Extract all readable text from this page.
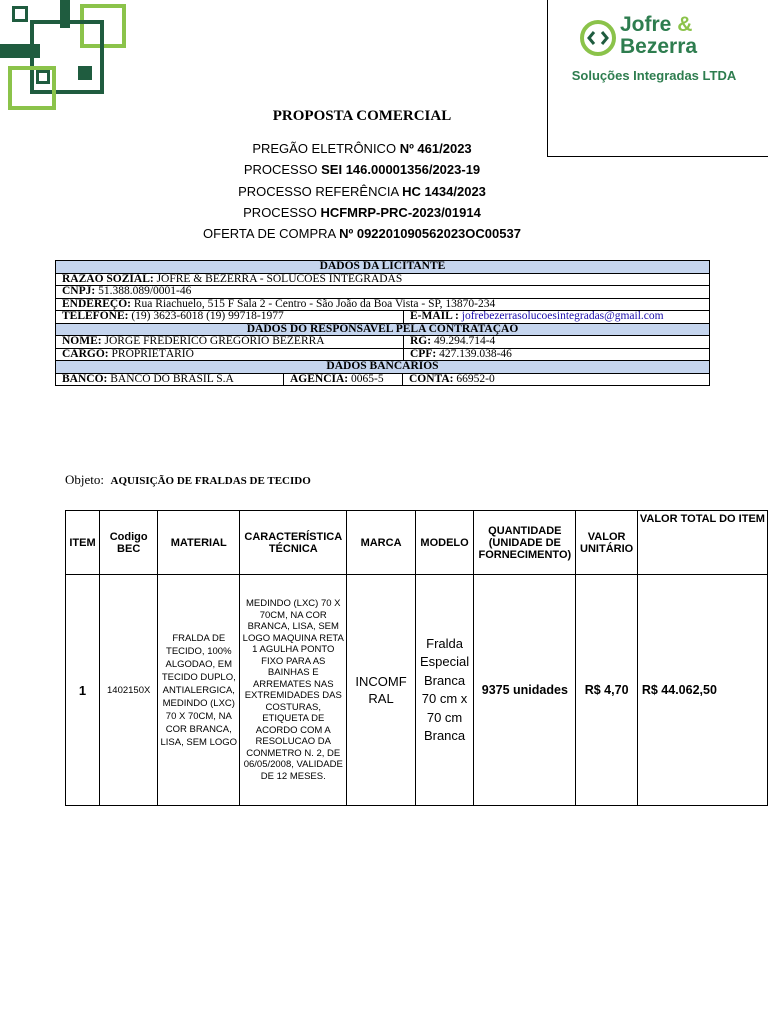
Jofre &
Bezerra
Soluções Integradas LTDA
PROPOSTA COMERCIAL
PREGÃO ELETRÔNICO Nº 461/2023
PROCESSO SEI 146.00001356/2023-19
PROCESSO REFERÊNCIA HC 1434/2023
PROCESSO HCFMRP-PRC-2023/01914
OFERTA DE COMPRA Nº 092201090562023OC00537
DADOS DA LICITANTE
RAZÃO SOZIAL: JOFRE & BEZERRA - SOLUCOES INTEGRADAS
CNPJ: 51.388.089/0001-46
ENDEREÇO: Rua Riachuelo, 515 F Sala 2 - Centro - São João da Boa Vista - SP, 13870-234
TELEFONE: (19) 3623-6018 (19) 99718-1977	E-MAIL : jofrebezerrasolucoesintegradas@gmail.com
DADOS DO RESPONSAVEL PELA CONTRATAÇÃO
NOME: JORGE FREDERICO GREGORIO BEZERRA	RG: 49.294.714-4
CARGO: PROPRIETÁRIO	CPF: 427.139.038-46
DADOS BANCARIOS
BANCO: BANCO DO BRASIL S.A	AGENCIA: 0065-5	CONTA: 66952-0
Objeto: AQUISIÇÃO DE FRALDAS DE TECIDO
ITEM	Codigo BEC	MATERIAL	CARACTERÍSTICA TÉCNICA	MARCA	MODELO	QUANTIDADE (UNIDADE DE FORNECIMENTO)	VALOR UNITÁRIO	VALOR TOTAL DO ITEM
1	1402150X	FRALDA DE TECIDO, 100% ALGODAO, EM TECIDO DUPLO, ANTIALERGICA, MEDINDO (LXC) 70 X 70CM, NA COR BRANCA, LISA, SEM LOGO	MEDINDO (LXC) 70 X 70CM, NA COR BRANCA, LISA, SEM LOGO MAQUINA RETA 1 AGULHA PONTO FIXO PARA AS BAINHAS E ARREMATES NAS EXTREMIDADES DAS COSTURAS, ETIQUETA DE ACORDO COM A RESOLUCAO DA CONMETRO N. 2, DE 06/05/2008, VALIDADE DE 12 MESES.	INCOMFRAL	Fralda Especial Branca 70 cm x 70 cm Branca	9375 unidades	R$ 4,70	R$ 44.062,50
